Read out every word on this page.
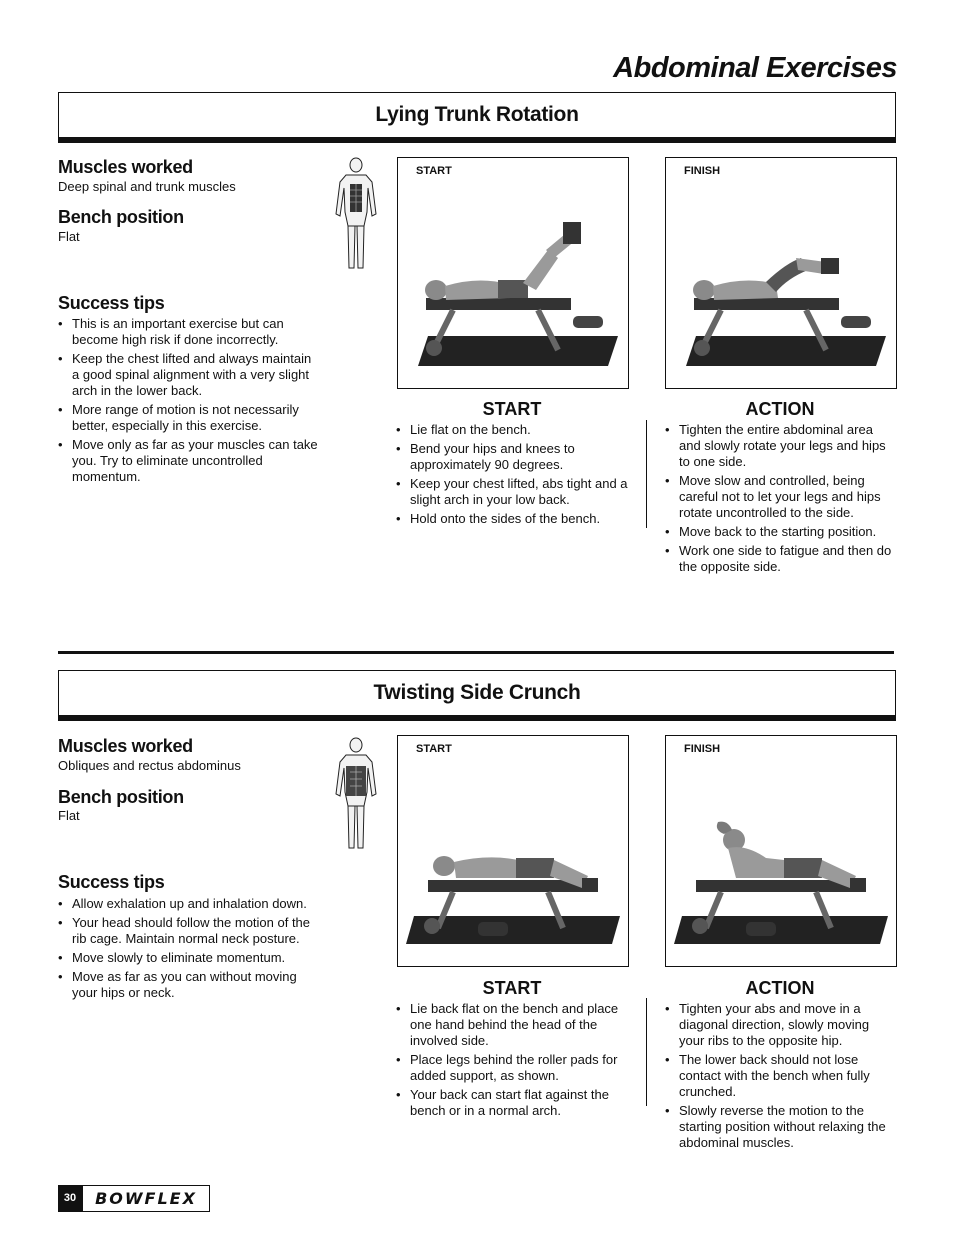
Abdominal Exercises
Lying Trunk Rotation
Muscles worked
Deep spinal and trunk muscles
Bench position
Flat
Success tips
• This is an important exercise but can become high risk if done incorrectly.
• Keep the chest lifted and always maintain a good spinal alignment with a very slight arch in the lower back.
• More range of motion is not necessarily better, especially in this exercise.
• Move only as far as your muscles can take you. Try to eliminate uncontrolled momentum.
START	FINISH
START
• Lie flat on the bench.
• Bend your hips and knees to approximately 90 degrees.
• Keep your chest lifted, abs tight and a slight arch in your low back.
• Hold onto the sides of the bench.
ACTION
• Tighten the entire abdominal area and slowly rotate your legs and hips to one side.
• Move slow and controlled, being careful not to let your legs and hips rotate uncontrolled to the side.
• Move back to the starting position.
• Work one side to fatigue and then do the opposite side.
Twisting Side Crunch
Muscles worked
Obliques and rectus abdominus
Bench position
Flat
Success tips
• Allow exhalation up and inhalation down.
• Your head should follow the motion of the rib cage. Maintain normal neck posture.
• Move slowly to eliminate momentum.
• Move as far as you can without moving your hips or neck.
START	FINISH
START
• Lie back flat on the bench and place one hand behind the head of the involved side.
• Place legs behind the roller pads for added support, as shown.
• Your back can start flat against the bench or in a normal arch.
ACTION
• Tighten your abs and move in a diagonal direction, slowly moving your ribs to the opposite hip.
• The lower back should not lose contact with the bench when fully crunched.
• Slowly reverse the motion to the starting position without relaxing the abdominal muscles.
30	BOWFLEX
